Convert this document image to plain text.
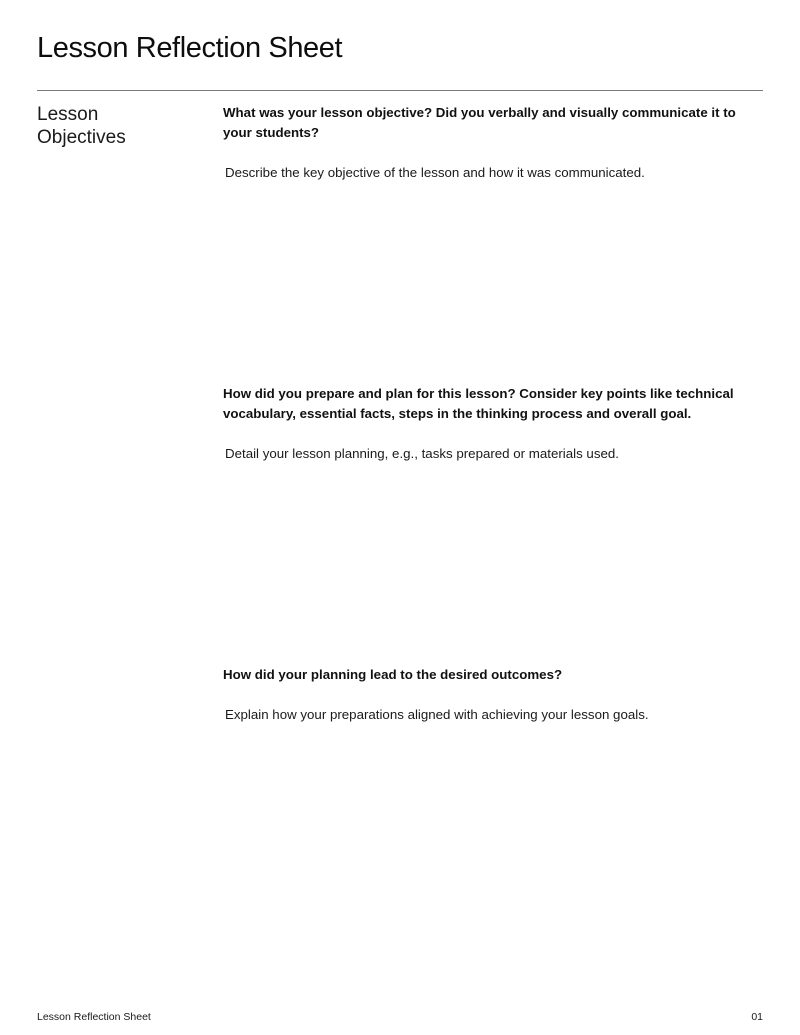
Lesson Reflection Sheet
Lesson Objectives

What was your lesson objective? Did you verbally and visually communicate it to your students?

Describe the key objective of the lesson and how it was communicated.

How did you prepare and plan for this lesson? Consider key points like technical vocabulary, essential facts, steps in the thinking process and overall goal.

Detail your lesson planning, e.g., tasks prepared or materials used.

How did your planning lead to the desired outcomes?

Explain how your preparations aligned with achieving your lesson goals.
Lesson Reflection Sheet	01
